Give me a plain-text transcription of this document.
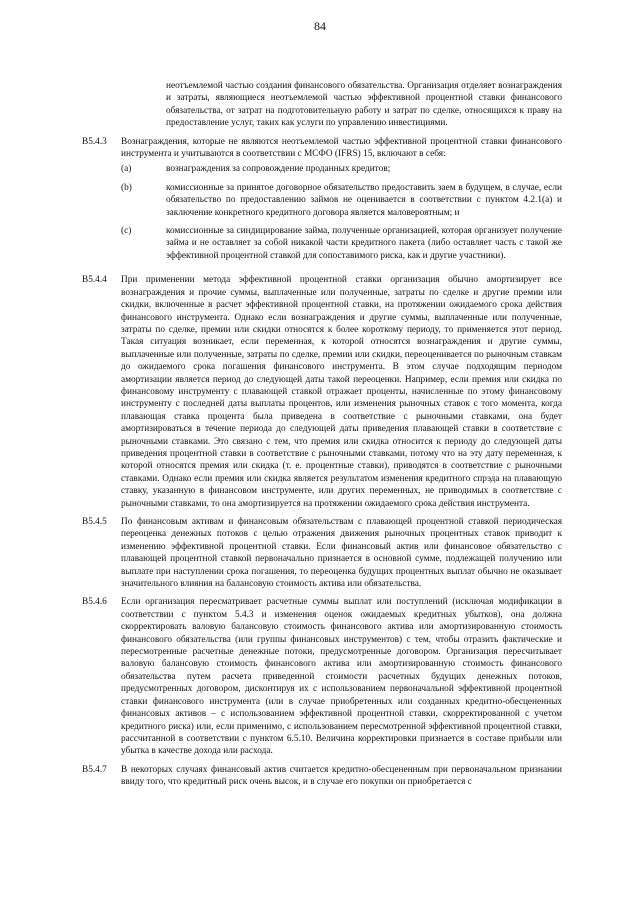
84
неотъемлемой частью создания финансового обязательства. Организация отделяет вознаграждения и затраты, являющиеся неотъемлемой частью эффективной процентной ставки финансового обязательства, от затрат на подготовительную работу и затрат по сделке, относящихся к праву на предоставление услуг, таких как услуги по управлению инвестициями.
B5.4.3	Вознаграждения, которые не являются неотъемлемой частью эффективной процентной ставки финансового инструмента и учитываются в соответствии с МСФО (IFRS) 15, включают в себя:
(a)	вознаграждения за сопровождение проданных кредитов;
(b)	комиссионные за принятое договорное обязательство предоставить заем в будущем, в случае, если обязательство по предоставлению займов не оценивается в соответствии с пунктом 4.2.1(a) и заключение конкретного кредитного договора является маловероятным; и
(c)	комиссионные за синдицирование займа, полученные организацией, которая организует получение займа и не оставляет за собой никакой части кредитного пакета (либо оставляет часть с такой же эффективной процентной ставкой для сопоставимого риска, как и другие участники).
B5.4.4	При применении метода эффективной процентной ставки организация обычно амортизирует все вознаграждения и прочие суммы, выплаченные или полученные, затраты по сделке и другие премии или скидки, включенные в расчет эффективной процентной ставки, на протяжении ожидаемого срока действия финансового инструмента. Однако если вознаграждения и другие суммы, выплаченные или полученные, затраты по сделке, премии или скидки относятся к более короткому периоду, то применяется этот период. Такая ситуация возникает, если переменная, к которой относятся вознаграждения и другие суммы, выплаченные или полученные, затраты по сделке, премии или скидки, переоценивается по рыночным ставкам до ожидаемого срока погашения финансового инструмента. В этом случае подходящим периодом амортизации является период до следующей даты такой переоценки. Например, если премия или скидка по финансовому инструменту с плавающей ставкой отражает проценты, начисленные по этому финансовому инструменту с последней даты выплаты процентов, или изменения рыночных ставок с того момента, когда плавающая ставка процента была приведена в соответствие с рыночными ставками, она будет амортизироваться в течение периода до следующей даты приведения плавающей ставки в соответствие с рыночными ставками. Это связано с тем, что премия или скидка относится к периоду до следующей даты приведения процентной ставки в соответствие с рыночными ставками, потому что на эту дату переменная, к которой относятся премия или скидка (т. е. процентные ставки), приводятся в соответствие с рыночными ставками. Однако если премия или скидка является результатом изменения кредитного спрэда на плавающую ставку, указанную в финансовом инструменте, или других переменных, не приводимых в соответствие с рыночными ставками, то она амортизируется на протяжении ожидаемого срока действия инструмента.
B5.4.5	По финансовым активам и финансовым обязательствам с плавающей процентной ставкой периодическая переоценка денежных потоков с целью отражения движения рыночных процентных ставок приводит к изменению эффективной процентной ставки. Если финансовый актив или финансовое обязательство с плавающей процентной ставкой первоначально признается в основной сумме, подлежащей получению или выплате при наступлении срока погашения, то переоценка будущих процентных выплат обычно не оказывает значительного влияния на балансовую стоимость актива или обязательства.
B5.4.6	Если организация пересматривает расчетные суммы выплат или поступлений (исключая модификации в соответствии с пунктом 5.4.3 и изменения оценок ожидаемых кредитных убытков), она должна скорректировать валовую балансовую стоимость финансового актива или амортизированную стоимость финансового обязательства (или группы финансовых инструментов) с тем, чтобы отразить фактические и пересмотренные расчетные денежные потоки, предусмотренные договором. Организация пересчитывает валовую балансовую стоимость финансового актива или амортизированную стоимость финансового обязательства путем расчета приведенной стоимости расчетных будущих денежных потоков, предусмотренных договором, дисконтируя их с использованием первоначальной эффективной процентной ставки финансового инструмента (или в случае приобретенных или созданных кредитно-обесцененных финансовых активов – с использованием эффективной процентной ставки, скорректированной с учетом кредитного риска) или, если применимо, с использованием пересмотренной эффективной процентной ставки, рассчитанной в соответствии с пунктом 6.5.10. Величина корректировки признается в составе прибыли или убытка в качестве дохода или расхода.
B5.4.7	В некоторых случаях финансовый актив считается кредитно-обесцененным при первоначальном признании ввиду того, что кредитный риск очень высок, и в случае его покупки он приобретается с
